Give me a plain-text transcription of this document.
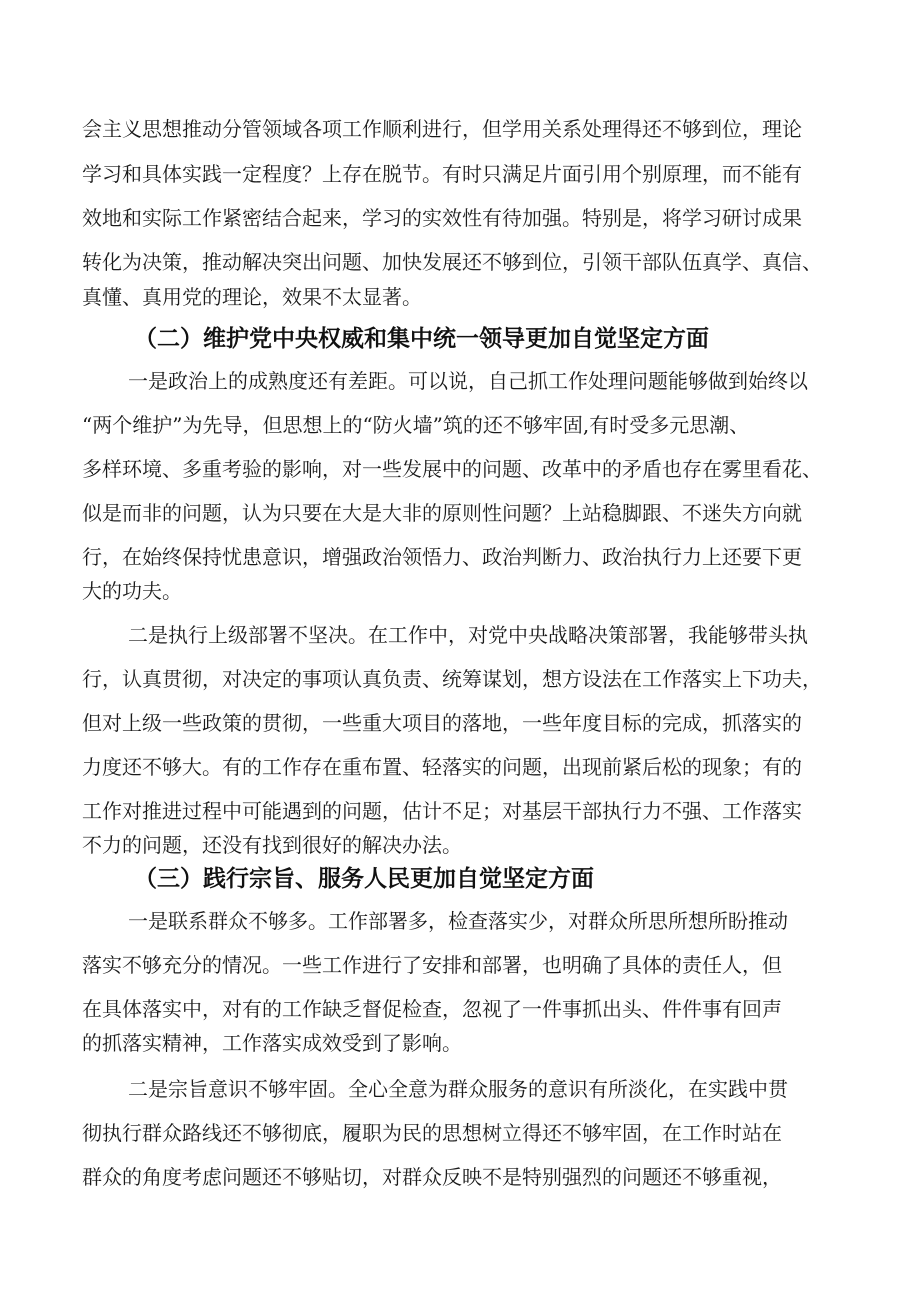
会主义思想推动分管领域各项工作顺利进行，但学用关系处理得还不够到位，理论
学习和具体实践一定程度？上存在脱节。有时只满足片面引用个别原理，而不能有
效地和实际工作紧密结合起来，学习的实效性有待加强。特别是，将学习研讨成果
转化为决策，推动解决突出问题、加快发展还不够到位，引领干部队伍真学、真信、
真懂、真用党的理论，效果不太显著。
（二）维护党中央权威和集中统一领导更加自觉坚定方面
一是政治上的成熟度还有差距。可以说，自己抓工作处理问题能够做到始终以
“两个维护”为先导，但思想上的“防火墙”筑的还不够牢固,有时受多元思潮、
多样环境、多重考验的影响，对一些发展中的问题、改革中的矛盾也存在雾里看花、
似是而非的问题，认为只要在大是大非的原则性问题？上站稳脚跟、不迷失方向就
行，在始终保持忧患意识，增强政治领悟力、政治判断力、政治执行力上还要下更
大的功夫。
二是执行上级部署不坚决。在工作中，对党中央战略决策部署，我能够带头执
行，认真贯彻，对决定的事项认真负责、统筹谋划，想方设法在工作落实上下功夫，
但对上级一些政策的贯彻，一些重大项目的落地，一些年度目标的完成，抓落实的
力度还不够大。有的工作存在重布置、轻落实的问题，出现前紧后松的现象；有的
工作对推进过程中可能遇到的问题，估计不足；对基层干部执行力不强、工作落实
不力的问题，还没有找到很好的解决办法。
（三）践行宗旨、服务人民更加自觉坚定方面
一是联系群众不够多。工作部署多，检查落实少，对群众所思所想所盼推动
落实不够充分的情况。一些工作进行了安排和部署，也明确了具体的责任人，但
在具体落实中，对有的工作缺乏督促检查，忽视了一件事抓出头、件件事有回声
的抓落实精神，工作落实成效受到了影响。
二是宗旨意识不够牢固。全心全意为群众服务的意识有所淡化，在实践中贯
彻执行群众路线还不够彻底，履职为民的思想树立得还不够牢固，在工作时站在
群众的角度考虑问题还不够贴切，对群众反映不是特别强烈的问题还不够重视，
